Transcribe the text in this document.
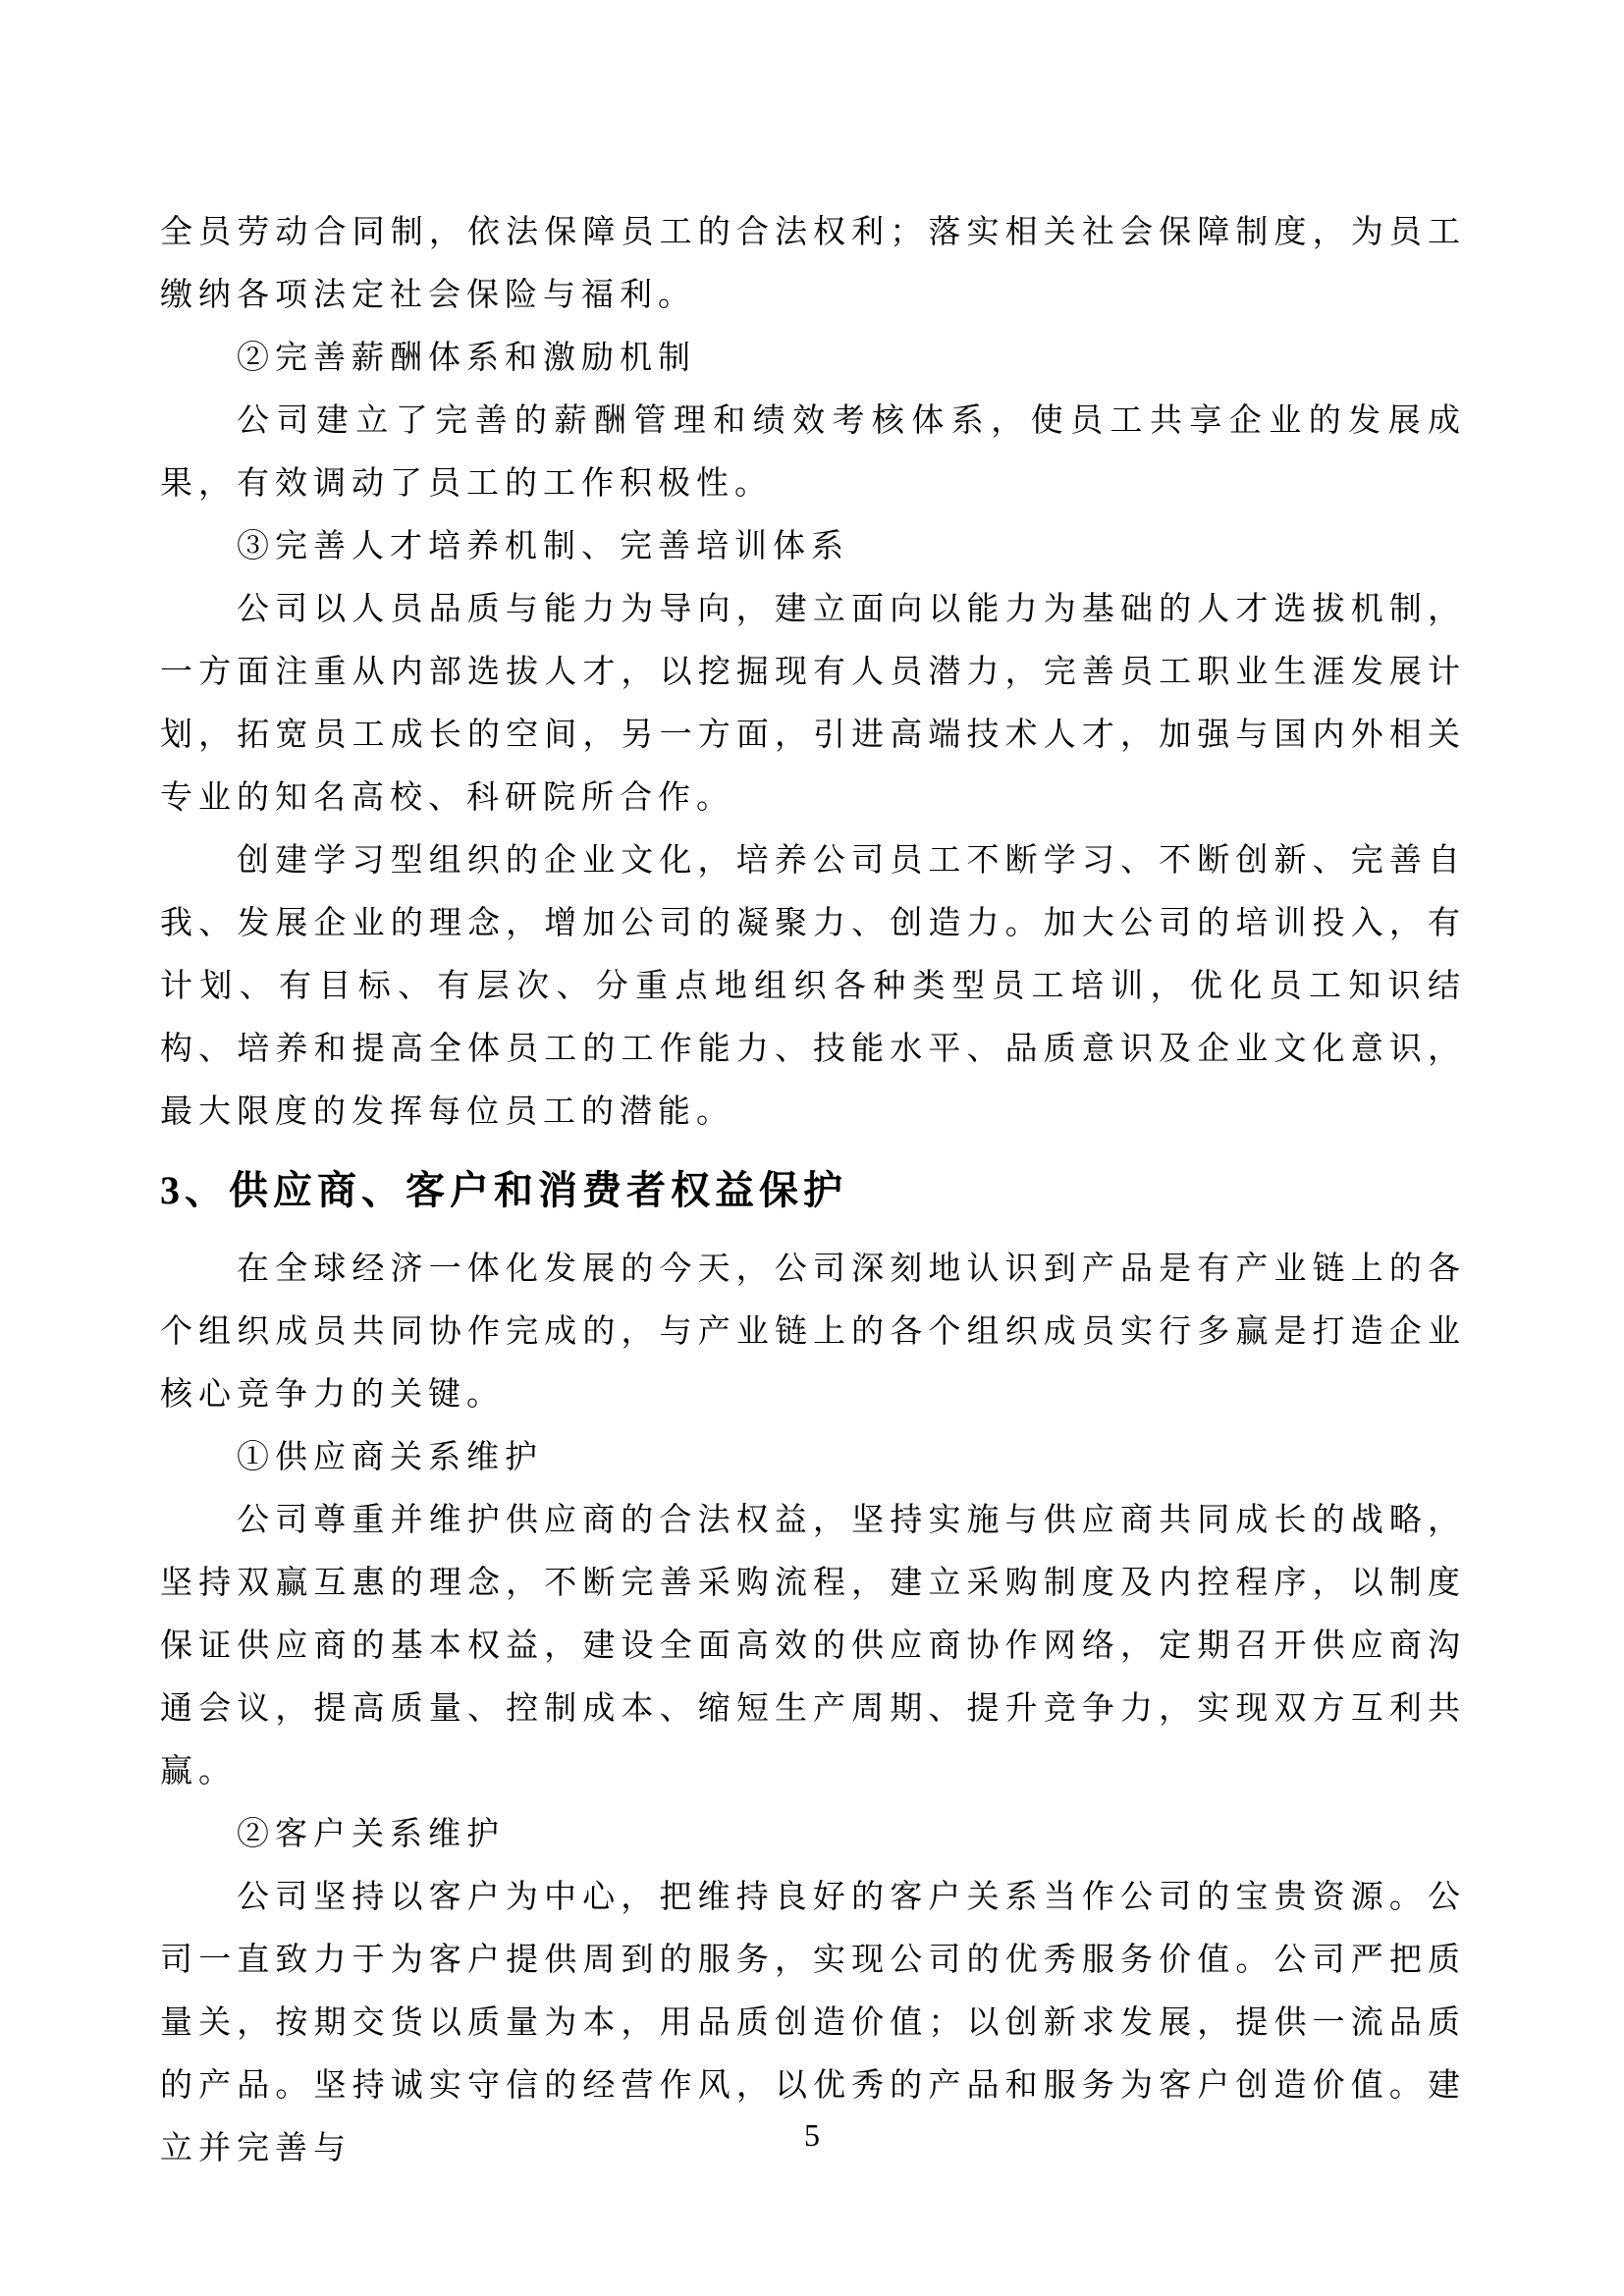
全员劳动合同制，依法保障员工的合法权利；落实相关社会保障制度，为员工缴纳各项法定社会保险与福利。

②完善薪酬体系和激励机制

公司建立了完善的薪酬管理和绩效考核体系，使员工共享企业的发展成果，有效调动了员工的工作积极性。

③完善人才培养机制、完善培训体系

公司以人员品质与能力为导向，建立面向以能力为基础的人才选拔机制，一方面注重从内部选拔人才，以挖掘现有人员潜力，完善员工职业生涯发展计划，拓宽员工成长的空间，另一方面，引进高端技术人才，加强与国内外相关专业的知名高校、科研院所合作。

创建学习型组织的企业文化，培养公司员工不断学习、不断创新、完善自我、发展企业的理念，增加公司的凝聚力、创造力。加大公司的培训投入，有计划、有目标、有层次、分重点地组织各种类型员工培训，优化员工知识结构、培养和提高全体员工的工作能力、技能水平、品质意识及企业文化意识，最大限度的发挥每位员工的潜能。

3、供应商、客户和消费者权益保护

在全球经济一体化发展的今天，公司深刻地认识到产品是有产业链上的各个组织成员共同协作完成的，与产业链上的各个组织成员实行多赢是打造企业核心竞争力的关键。

①供应商关系维护

公司尊重并维护供应商的合法权益，坚持实施与供应商共同成长的战略，坚持双赢互惠的理念，不断完善采购流程，建立采购制度及内控程序，以制度保证供应商的基本权益，建设全面高效的供应商协作网络，定期召开供应商沟通会议，提高质量、控制成本、缩短生产周期、提升竞争力，实现双方互利共赢。

②客户关系维护

公司坚持以客户为中心，把维持良好的客户关系当作公司的宝贵资源。公司一直致力于为客户提供周到的服务，实现公司的优秀服务价值。公司严把质量关，按期交货以质量为本，用品质创造价值；以创新求发展，提供一流品质的产品。坚持诚实守信的经营作风，以优秀的产品和服务为客户创造价值。建立并完善与	5
